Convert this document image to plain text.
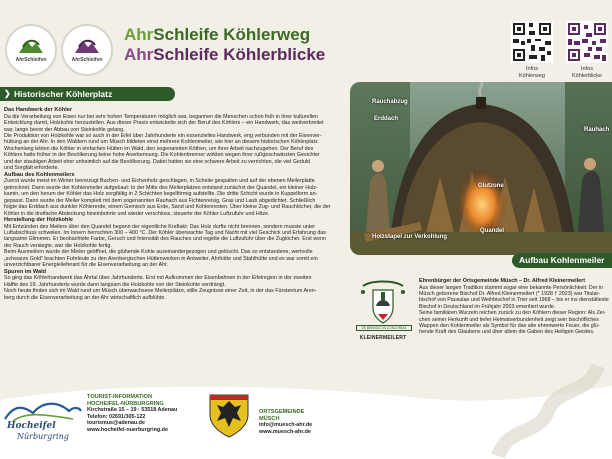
AhrSchleifen	AhrSchleifen
AhrSchleife Köhlerweg
AhrSchleife Köhlerblicke
Infos
Köhlerweg
Infos
Köhlerblicke
❯ Historischer Köhlerplatz
Das Handwerk der Köhler

Da die Verarbeitung von Eisen nur bei sehr hohen Temperaturen möglich war, begannen die Menschen schon früh in ihrer kulturellen

Entwicklung damit, Holzkohle herzustellen. Aus dieser Praxis entwickelte sich der Beruf des Köhlers – ein Handwerk, das weitverbreitet

war, lange bevor der Abbau von Steinkohle gelang.

Die Produktion von Holzkohle war so auch in der Eifel über Jahrhunderte ein essenzielles Handwerk, eng verbunden mit der Eisenver-

hüttung an der Ahr. In den Wäldern rund um Müsch bildeten einst mehrere Kohlenmeiler, wie hier an diesem historischen Köhlerplatz.

Wochenlang lebten die Köhler in einfachen Hütten im Wald, den sogenannten Köthen, um ihrer Arbeit nachzugehen. Der Beruf des

Köhlers hatte früher in der Bevölkerung keine hohe Anerkennung. Die Kohlenbrenner wirkten wegen ihrer rußgeschwärzten Gesichter

und der staubigen Arbeit eher unheimlich auf die Bevölkerung. Dabei hatten sie eine schwere Arbeit zu verrichten, die viel Geduld

und Sorgfalt erforderte.

Aufbau des Kohlenmeilers

Zuerst wurde meist im Winter bevorzugt Buchen- und Eichenholz geschlagen, in Scheite gespalten und auf der ebenen Meilerplatte

getrocknet. Dann wurde der Kohlenmeiler aufgebaut: In der Mitte des Meilerplatzes entstand zunächst der Quandel, ein kleiner Holz-

kamin, um den herum der Köhler das Holz sorgfältig in 2 Schichten kegelförmig aufstellte. Die dritte Schicht wurde in Kuppelform an-

gepasst. Dann wurde der Meiler komplett mit dem sogenannten Rauhach aus Fichtenreisig, Gras und Laub abgedichtet. Schließlich

folgte das Erddach aus dunkler Köhlererde, einem Gemisch aus Erde, Sand und Kohlenresten. Über kleine Zug- und Rauchlöcher, die der

Köhler in die dreifache Abdeckung hineinbohrte und wieder verschloss, steuerte der Köhler Luftzufuhr und Hitze.

Herstellung der Holzkohle

Mit Entzünden des Meilers über den Quandel begann der eigentliche Kraftakt: Das Holz durfte nicht brennen, sondern musste unter

Luftabschluss schwelen. Im Innern herrschten 300 – 400 °C. Der Köhler überwachte Tag und Nacht mit viel Geschick und Erfahrung das

langsame Glimmen. Er beobachtete Farbe, Geruch und Intensität des Rauches und regelte die Luftzufuhr über die Zuglöcher. Erst wenn

der Rauch versiegte, war die Holzkohle fertig.

Beim Ausmeilern wurde der Meiler geöffnet, die glühende Kohle auseinandergezogen und gelöscht. Das so entstandene, wertvolle

„schwarze Gold“ brachten Fuhrleute zu den Arenbergischen Hüttenwerken in Antweiler, Ahrhütte und Stahlhütte und es war somit ein

unverzichtbarer Energielieferant für die Eisenverarbeitung an der Ahr.

Spuren im Wald

So ging das Köhlerhandwerk das Ahrtal über Jahrhunderte. Erst mit Aufkommen der Eisenbahnen in der Eifelregion in der zweiten

Hälfte des 19. Jahrhunderts wurde dann langsam die Holzkohle von der Steinkohle verdrängt.

Noch heute finden sich im Wald rund um Müsch überwachsene Meilerplätze, stille Zeugnisse einer Zeit, in der das Fürstentum Aren-

berg durch die Eisenverarbeitung an der Ahr wirtschaftlich aufblühte.

Rauchabzug
Erddach
Rauhach
Glutzone
Quandel
Holzstapel zur Verkohlung
Aufbau Kohlenmeiler
DE BENEDICTIS CONCORDIA
KLEINERMEILERT
Ehrenbürger der Ortsgemeinde Müsch – Dr. Alfred Kleinermeilert

Aus dieser langen Tradition stammt sogar eine bekannte Persönlichkeit: Der in

Müsch geborene Bischof Dr. Alfred Kleinermeilert (* 1928 † 2023) war Titular-

bischof von Pausulae und Weihbischof in Trier seit 1968 – bis er ins dienstälteste

Bischof in Deutschland im Frühjahr 2003 emeritiert wurde.

Seine familiären Wurzeln reichen zurück zu den Köhlern dieser Region: Als Zei-

chen seiner Herkunft und tiefer Heimatverbundenheit zeigt sein bischöfliches

Wappen den Kohlenmeiler als Symbol für das alte ehrenwerte Feuer, die glü-

hende Kraft des Glaubens und über allem die Gaben des Heiligen Geistes.

Hocheifel
Nürburgring
TOURIST-INFORMATION
HOCHEIFEL-NÜRBURGRING
Kirchstraße 15 – 19 · 53518 Adenau
Telefon: 02691/305-122
tourismus@adenau.de
www.hocheifel-nuerburgring.de
ORTSGEMEINDE
MÜSCH
info@muesch-ahr.de
www.muesch-ahr.de
